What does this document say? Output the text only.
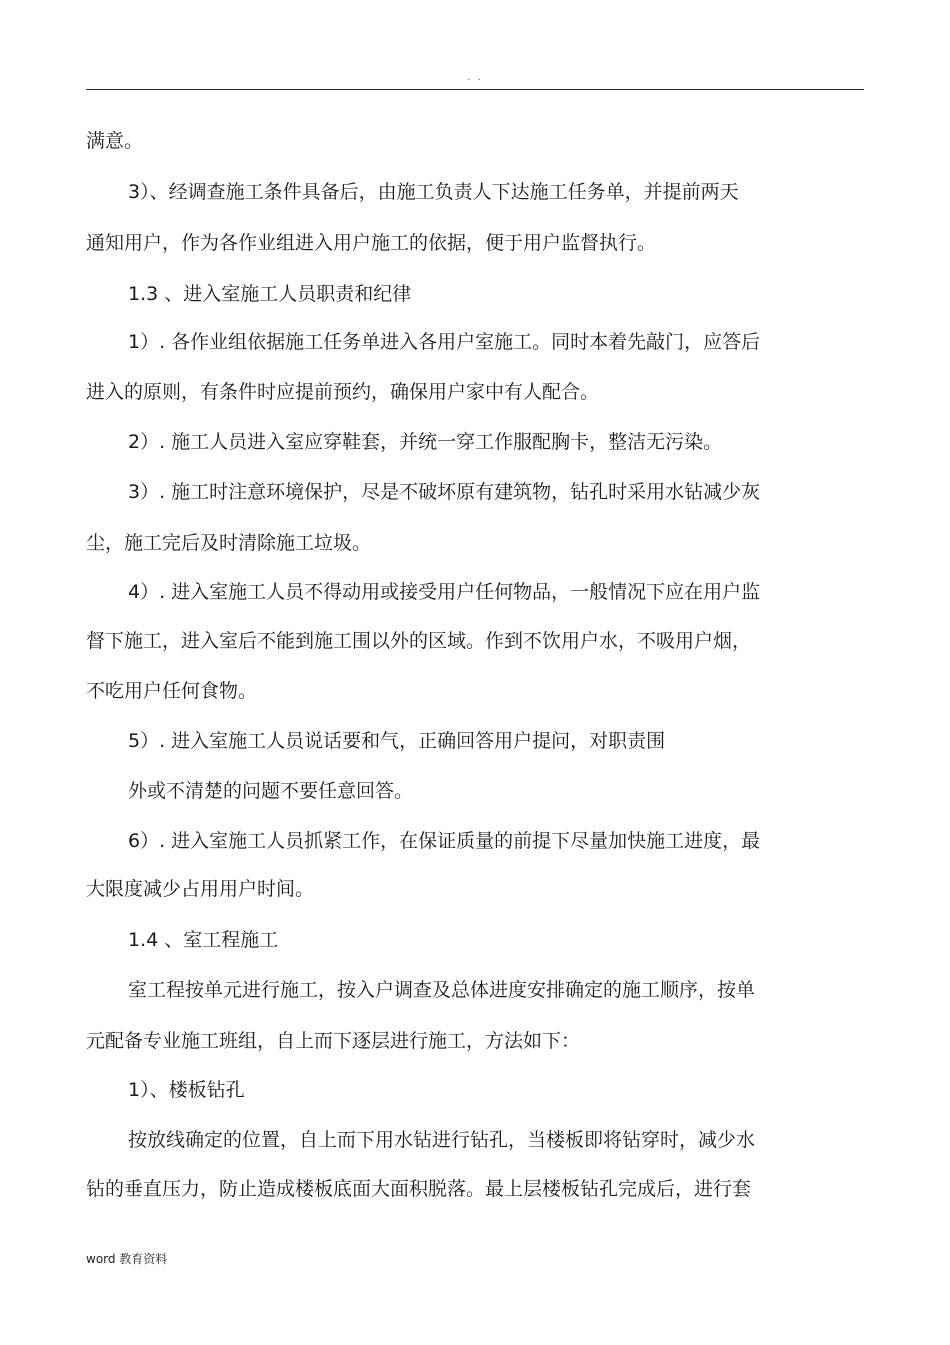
. .
满意。
3）、经调查施工条件具备后，由施工负责人下达施工任务单，并提前两天
通知用户，作为各作业组进入用户施工的依据，便于用户监督执行。
1.3 、进入室施工人员职责和纪律
1）. 各作业组依据施工任务单进入各用户室施工。同时本着先敲门，应答后
进入的原则，有条件时应提前预约，确保用户家中有人配合。
2）. 施工人员进入室应穿鞋套，并统一穿工作服配胸卡，整洁无污染。
3）. 施工时注意环境保护，尽是不破坏原有建筑物，钻孔时采用水钻减少灰
尘，施工完后及时清除施工垃圾。
4）. 进入室施工人员不得动用或接受用户任何物品，一般情况下应在用户监
督下施工，进入室后不能到施工围以外的区域。作到不饮用户水，不吸用户烟，
不吃用户任何食物。
5）. 进入室施工人员说话要和气，正确回答用户提问，对职责围
外或不清楚的问题不要任意回答。
6）. 进入室施工人员抓紧工作，在保证质量的前提下尽量加快施工进度，最
大限度减少占用用户时间。
1.4 、室工程施工
室工程按单元进行施工，按入户调查及总体进度安排确定的施工顺序，按单
元配备专业施工班组，自上而下逐层进行施工，方法如下：
1）、楼板钻孔
按放线确定的位置，自上而下用水钻进行钻孔，当楼板即将钻穿时，减少水
钻的垂直压力，防止造成楼板底面大面积脱落。最上层楼板钻孔完成后，进行套
word 教育资料
